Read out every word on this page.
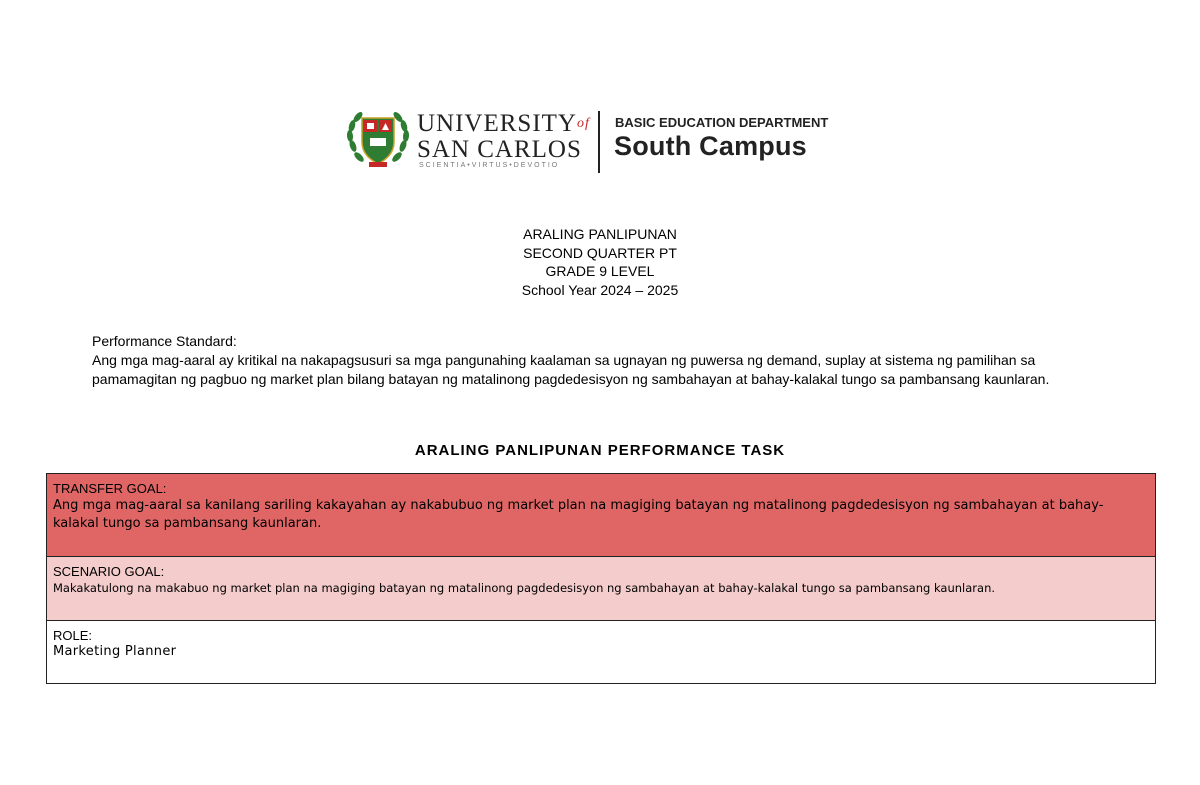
$UNIVERSITY^{of}$
SAN CARLOS
SCIENTIA•VIRTUS•DEVOTIO
BASIC EDUCATION DEPARTMENT
South Campus
ARALING PANLIPUNAN
SECOND QUARTER PT
GRADE 9 LEVEL
School Year 2024 – 2025
Performance Standard:
Ang mga mag-aaral ay kritikal na nakapagsusuri sa mga pangunahing kaalaman sa ugnayan ng puwersa ng demand, suplay at sistema ng pamilihan sa pamamagitan ng pagbuo ng market plan bilang batayan ng matalinong pagdedesisyon ng sambahayan at bahay-kalakal tungo sa pambansang kaunlaran.
ARALING PANLIPUNAN PERFORMANCE TASK
TRANSFER GOAL:
Ang mga mag-aaral sa kanilang sariling kakayahan ay nakabubuo ng market plan na magiging batayan ng matalinong pagdedesisyon ng sambahayan at bahay-kalakal tungo sa pambansang kaunlaran.

SCENARIO GOAL:
Makakatulong na makabuo ng market plan na magiging batayan ng matalinong pagdedesisyon ng sambahayan at bahay-kalakal tungo sa pambansang kaunlaran.

ROLE:
Marketing Planner
